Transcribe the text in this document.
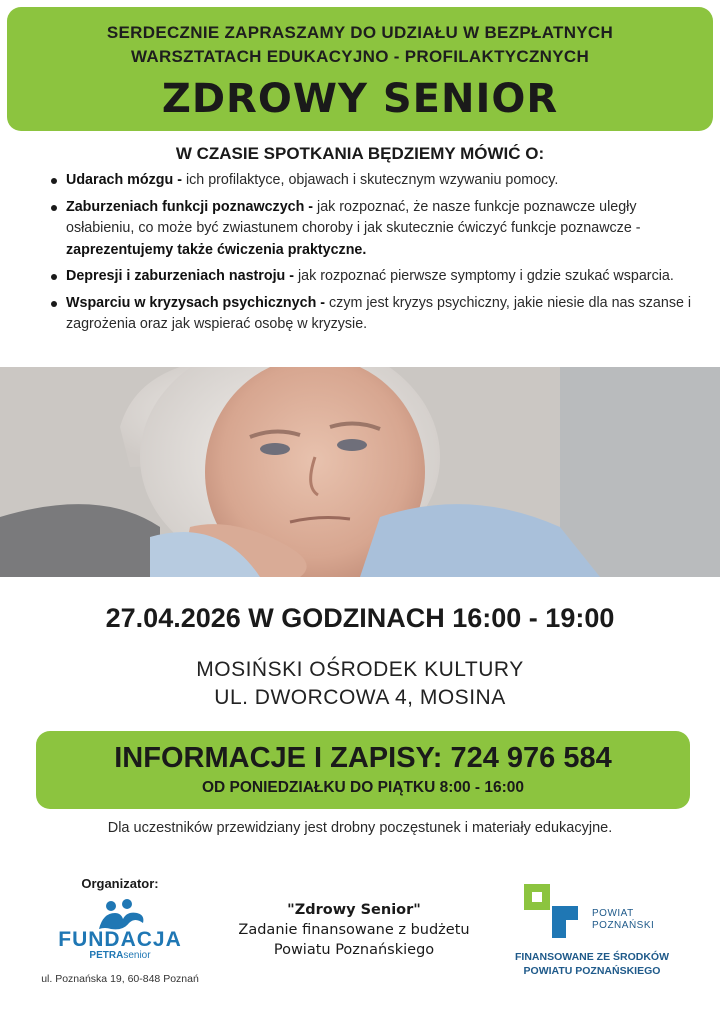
SERDECZNIE ZAPRASZAMY DO UDZIAŁU W BEZPŁATNYCH
WARSZTATACH EDUKACYJNO - PROFILAKTYCZNYCH
ZDROWY SENIOR
W CZASIE SPOTKANIA BĘDZIEMY MÓWIĆ O:
Udarach mózgu - ich profilaktyce, objawach i skutecznym wzywaniu pomocy.
Zaburzeniach funkcji poznawczych - jak rozpoznać, że nasze funkcje poznawcze uległy osłabieniu, co może być zwiastunem choroby i jak skutecznie ćwiczyć funkcje poznawcze - zaprezentujemy także ćwiczenia praktyczne.
Depresji i zaburzeniach nastroju - jak rozpoznać pierwsze symptomy i gdzie szukać wsparcia.
Wsparciu w kryzysach psychicznych - czym jest kryzys psychiczny, jakie niesie dla nas szanse i zagrożenia oraz jak wspierać osobę w kryzysie.
27.04.2026 W GODZINACH 16:00 - 19:00
MOSIŃSKI OŚRODEK KULTURY
UL. DWORCOWA 4, MOSINA
INFORMACJE I ZAPISY: 724 976 584
OD PONIEDZIAŁKU DO PIĄTKU 8:00 - 16:00
Dla uczestników przewidziany jest drobny poczęstunek i materiały edukacyjne.
Organizator:
FUNDACJA
PETRAsenior
ul. Poznańska 19, 60-848 Poznań
"Zdrowy Senior"
Zadanie finansowane z budżetu
Powiatu Poznańskiego
POWIAT
POZNAŃSKI
FINANSOWANE ZE ŚRODKÓW
POWIATU POZNAŃSKIEGO
